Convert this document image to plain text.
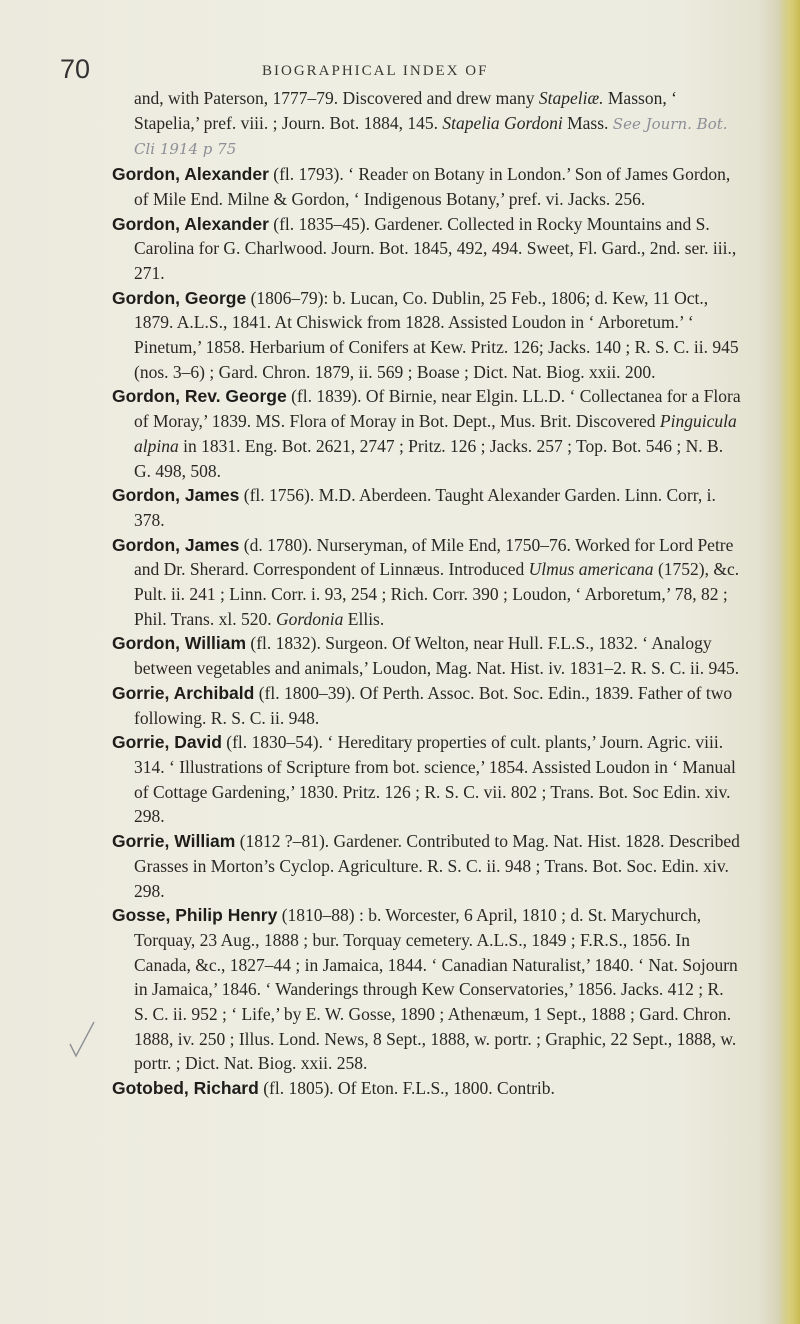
70	BIOGRAPHICAL INDEX OF

and, with Paterson, 1777–79. Discovered and drew many Stapeliæ. Masson, ‘ Stapelia,’ pref. viii. ; Journ. Bot. 1884, 145. Stapelia Gordoni Mass. See Journ. Bot. Cli 1914 p 75

Gordon, Alexander (fl. 1793). ‘ Reader on Botany in London.’ Son of James Gordon, of Mile End. Milne & Gordon, ‘ Indigenous Botany,’ pref. vi. Jacks. 256.

Gordon, Alexander (fl. 1835–45). Gardener. Collected in Rocky Mountains and S. Carolina for G. Charlwood. Journ. Bot. 1845, 492, 494. Sweet, Fl. Gard., 2nd. ser. iii., 271.

Gordon, George (1806–79): b. Lucan, Co. Dublin, 25 Feb., 1806; d. Kew, 11 Oct., 1879. A.L.S., 1841. At Chiswick from 1828. Assisted Loudon in ‘ Arboretum.’ ‘ Pinetum,’ 1858. Herbarium of Conifers at Kew. Pritz. 126; Jacks. 140 ; R. S. C. ii. 945 (nos. 3–6) ; Gard. Chron. 1879, ii. 569 ; Boase ; Dict. Nat. Biog. xxii. 200.

Gordon, Rev. George (fl. 1839). Of Birnie, near Elgin. LL.D. ‘ Collectanea for a Flora of Moray,’ 1839. MS. Flora of Moray in Bot. Dept., Mus. Brit. Discovered Pinguicula alpina in 1831. Eng. Bot. 2621, 2747 ; Pritz. 126 ; Jacks. 257 ; Top. Bot. 546 ; N. B. G. 498, 508.

Gordon, James (fl. 1756). M.D. Aberdeen. Taught Alexander Garden. Linn. Corr, i. 378.

Gordon, James (d. 1780). Nurseryman, of Mile End, 1750–76. Worked for Lord Petre and Dr. Sherard. Correspondent of Linnæus. Introduced Ulmus americana (1752), &c. Pult. ii. 241 ; Linn. Corr. i. 93, 254 ; Rich. Corr. 390 ; Loudon, ‘ Arboretum,’ 78, 82 ; Phil. Trans. xl. 520. Gordonia Ellis.

Gordon, William (fl. 1832). Surgeon. Of Welton, near Hull. F.L.S., 1832. ‘ Analogy between vegetables and animals,’ Loudon, Mag. Nat. Hist. iv. 1831–2. R. S. C. ii. 945.

Gorrie, Archibald (fl. 1800–39). Of Perth. Assoc. Bot. Soc. Edin., 1839. Father of two following. R. S. C. ii. 948.

Gorrie, David (fl. 1830–54). ‘ Hereditary properties of cult. plants,’ Journ. Agric. viii. 314. ‘ Illustrations of Scripture from bot. science,’ 1854. Assisted Loudon in ‘ Manual of Cottage Gardening,’ 1830. Pritz. 126 ; R. S. C. vii. 802 ; Trans. Bot. Soc Edin. xiv. 298.

Gorrie, William (1812 ?–81). Gardener. Contributed to Mag. Nat. Hist. 1828. Described Grasses in Morton’s Cyclop. Agriculture. R. S. C. ii. 948 ; Trans. Bot. Soc. Edin. xiv. 298.

Gosse, Philip Henry (1810–88) : b. Worcester, 6 April, 1810 ; d. St. Marychurch, Torquay, 23 Aug., 1888 ; bur. Torquay cemetery. A.L.S., 1849 ; F.R.S., 1856. In Canada, &c., 1827–44 ; in Jamaica, 1844. ‘ Canadian Naturalist,’ 1840. ‘ Nat. Sojourn in Jamaica,’ 1846. ‘ Wanderings through Kew Conservatories,’ 1856. Jacks. 412 ; R. S. C. ii. 952 ; ‘ Life,’ by E. W. Gosse, 1890 ; Athenæum, 1 Sept., 1888 ; Gard. Chron. 1888, iv. 250 ; Illus. Lond. News, 8 Sept., 1888, w. portr. ; Graphic, 22 Sept., 1888, w. portr. ; Dict. Nat. Biog. xxii. 258.

Gotobed, Richard (fl. 1805). Of Eton. F.L.S., 1800. Contrib.
